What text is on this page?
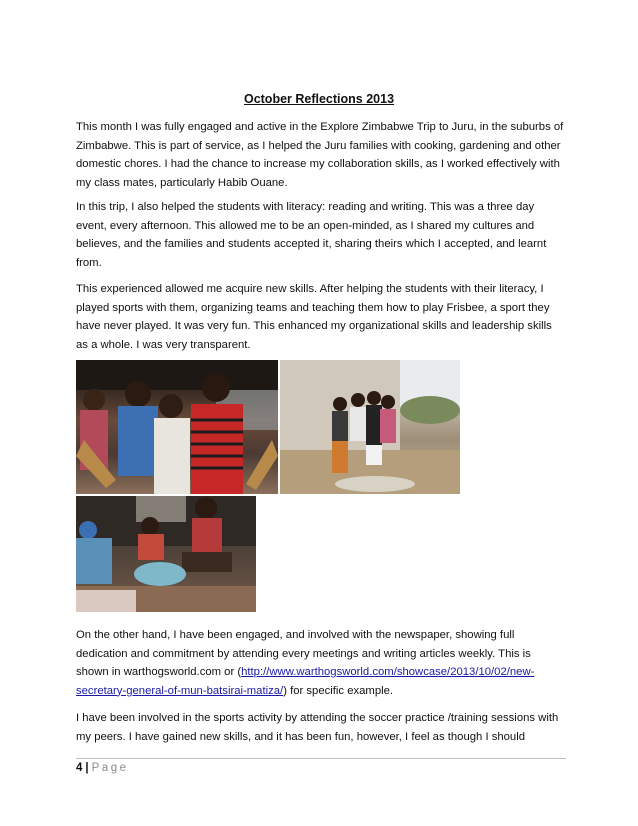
October Reflections 2013

This month I was fully engaged and active in the Explore Zimbabwe Trip to Juru, in the suburbs of Zimbabwe. This is part of service, as I helped the Juru families with cooking, gardening and other domestic chores. I had the chance to increase my collaboration skills, as I worked effectively with my class mates, particularly Habib Ouane.

In this trip, I also helped the students with literacy: reading and writing. This was a three day event, every afternoon. This allowed me to be an open-minded, as I shared my cultures and believes, and the families and students accepted it, sharing theirs which I accepted, and learnt from.

This experienced allowed me acquire new skills. After helping the students with their literacy, I played sports with them, organizing teams and teaching them how to play Frisbee, a sport they have never played. It was very fun. This enhanced my organizational skills and leadership skills as a whole. I was very transparent.

On the other hand, I have been engaged, and involved with the newspaper, showing full dedication and commitment by attending every meetings and writing articles weekly. This is shown in warthogsworld.com or (http://www.warthogsworld.com/showcase/2013/10/02/new-secretary-general-of-mun-batsirai-matiza/) for specific example.

I have been involved in the sports activity by attending the soccer practice /training sessions with my peers. I have gained new skills, and it has been fun, however, I feel as though I should

4 | Page
